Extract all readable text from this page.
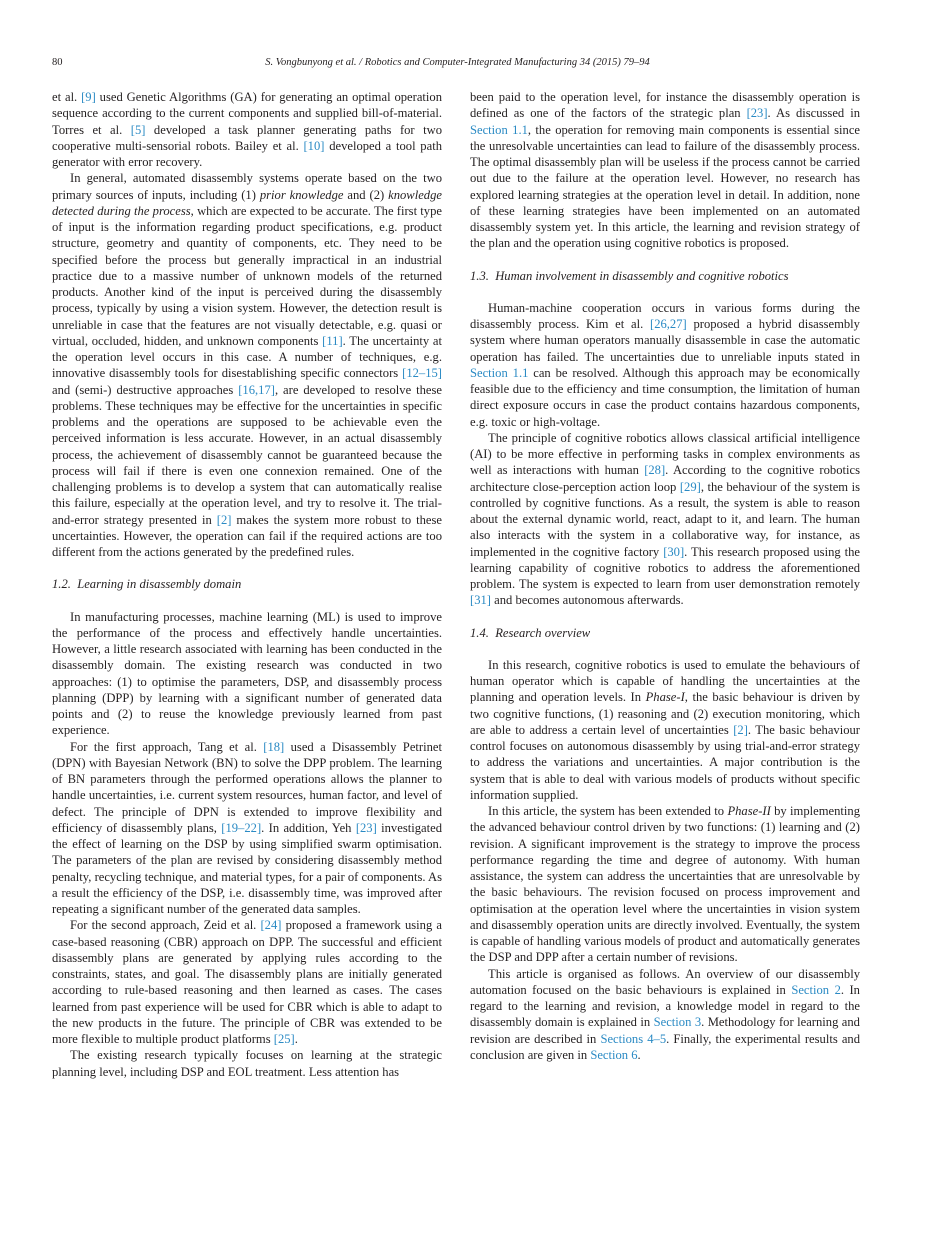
80	S. Vongbunyong et al. / Robotics and Computer-Integrated Manufacturing 34 (2015) 79–94

et al. [9] used Genetic Algorithms (GA) for generating an optimal operation sequence according to the current components and supplied bill-of-material. Torres et al. [5] developed a task planner generating paths for two cooperative multi-sensorial robots. Bailey et al. [10] developed a tool path generator with error recovery.

In general, automated disassembly systems operate based on the two primary sources of inputs, including (1) prior knowledge and (2) knowledge detected during the process, which are expected to be accurate. The first type of input is the information regarding product specifications, e.g. product structure, geometry and quantity of components, etc. They need to be specified before the process but generally impractical in an industrial practice due to a massive number of unknown models of the returned products. Another kind of the input is perceived during the disassembly process, typically by using a vision system. However, the detection result is unreliable in case that the features are not visually detectable, e.g. quasi or virtual, occluded, hidden, and unknown components [11]. The uncertainty at the operation level occurs in this case. A number of techniques, e.g. innovative disassembly tools for disestablishing specific connectors [12–15] and (semi-) destructive approaches [16,17], are developed to resolve these problems. These techniques may be effective for the uncertainties in specific problems and the operations are supposed to be achievable even the perceived information is less accurate. However, in an actual disassembly process, the achievement of disassembly cannot be guaranteed because the process will fail if there is even one connexion remained. One of the challenging problems is to develop a system that can automatically realise this failure, especially at the operation level, and try to resolve it. The trial-and-error strategy presented in [2] makes the system more robust to these uncertainties. However, the operation can fail if the required actions are too different from the actions generated by the predefined rules.

1.2. Learning in disassembly domain

In manufacturing processes, machine learning (ML) is used to improve the performance of the process and effectively handle uncertainties. However, a little research associated with learning has been conducted in the disassembly domain. The existing research was conducted in two approaches: (1) to optimise the parameters, DSP, and disassembly process planning (DPP) by learning with a significant number of generated data points and (2) to reuse the knowledge previously learned from past experience.

For the first approach, Tang et al. [18] used a Disassembly Petrinet (DPN) with Bayesian Network (BN) to solve the DPP problem. The learning of BN parameters through the performed operations allows the planner to handle uncertainties, i.e. current system resources, human factor, and level of defect. The principle of DPN is extended to improve flexibility and efficiency of disassembly plans, [19–22]. In addition, Yeh [23] investigated the effect of learning on the DSP by using simplified swarm optimisation. The parameters of the plan are revised by considering disassembly method penalty, recycling technique, and material types, for a pair of components. As a result the efficiency of the DSP, i.e. disassembly time, was improved after repeating a significant number of the generated data samples.

For the second approach, Zeid et al. [24] proposed a framework using a case-based reasoning (CBR) approach on DPP. The successful and efficient disassembly plans are generated by applying rules according to the constraints, states, and goal. The disassembly plans are initially generated according to rule-based reasoning and then learned as cases. The cases learned from past experience will be used for CBR which is able to adapt to the new products in the future. The principle of CBR was extended to be more flexible to multiple product platforms [25].

The existing research typically focuses on learning at the strategic planning level, including DSP and EOL treatment. Less attention has

been paid to the operation level, for instance the disassembly operation is defined as one of the factors of the strategic plan [23]. As discussed in Section 1.1, the operation for removing main components is essential since the unresolvable uncertainties can lead to failure of the disassembly process. The optimal disassembly plan will be useless if the process cannot be carried out due to the failure at the operation level. However, no research has explored learning strategies at the operation level in detail. In addition, none of these learning strategies have been implemented on an automated disassembly system yet. In this article, the learning and revision strategy of the plan and the operation using cognitive robotics is proposed.

1.3. Human involvement in disassembly and cognitive robotics

Human-machine cooperation occurs in various forms during the disassembly process. Kim et al. [26,27] proposed a hybrid disassembly system where human operators manually disassemble in case the automatic operation has failed. The uncertainties due to unreliable inputs stated in Section 1.1 can be resolved. Although this approach may be economically feasible due to the efficiency and time consumption, the limitation of human direct exposure occurs in case the product contains hazardous components, e.g. toxic or high-voltage.

The principle of cognitive robotics allows classical artificial intelligence (AI) to be more effective in performing tasks in complex environments as well as interactions with human [28]. According to the cognitive robotics architecture close-perception action loop [29], the behaviour of the system is controlled by cognitive functions. As a result, the system is able to reason about the external dynamic world, react, adapt to it, and learn. The human also interacts with the system in a collaborative way, for instance, as implemented in the cognitive factory [30]. This research proposed using the learning capability of cognitive robotics to address the aforementioned problem. The system is expected to learn from user demonstration remotely [31] and becomes autonomous afterwards.

1.4. Research overview

In this research, cognitive robotics is used to emulate the behaviours of human operator which is capable of handling the uncertainties at the planning and operation levels. In Phase-I, the basic behaviour is driven by two cognitive functions, (1) reasoning and (2) execution monitoring, which are able to address a certain level of uncertainties [2]. The basic behaviour control focuses on autonomous disassembly by using trial-and-error strategy to address the variations and uncertainties. A major contribution is the system that is able to deal with various models of products without specific information supplied.

In this article, the system has been extended to Phase-II by implementing the advanced behaviour control driven by two functions: (1) learning and (2) revision. A significant improvement is the strategy to improve the process performance regarding the time and degree of autonomy. With human assistance, the system can address the uncertainties that are unresolvable by the basic behaviours. The revision focused on process improvement and optimisation at the operation level where the uncertainties in vision system and disassembly operation units are directly involved. Eventually, the system is capable of handling various models of product and automatically generates the DSP and DPP after a certain number of revisions.

This article is organised as follows. An overview of our disassembly automation focused on the basic behaviours is explained in Section 2. In regard to the learning and revision, a knowledge model in regard to the disassembly domain is explained in Section 3. Methodology for learning and revision are described in Sections 4–5. Finally, the experimental results and conclusion are given in Section 6.
